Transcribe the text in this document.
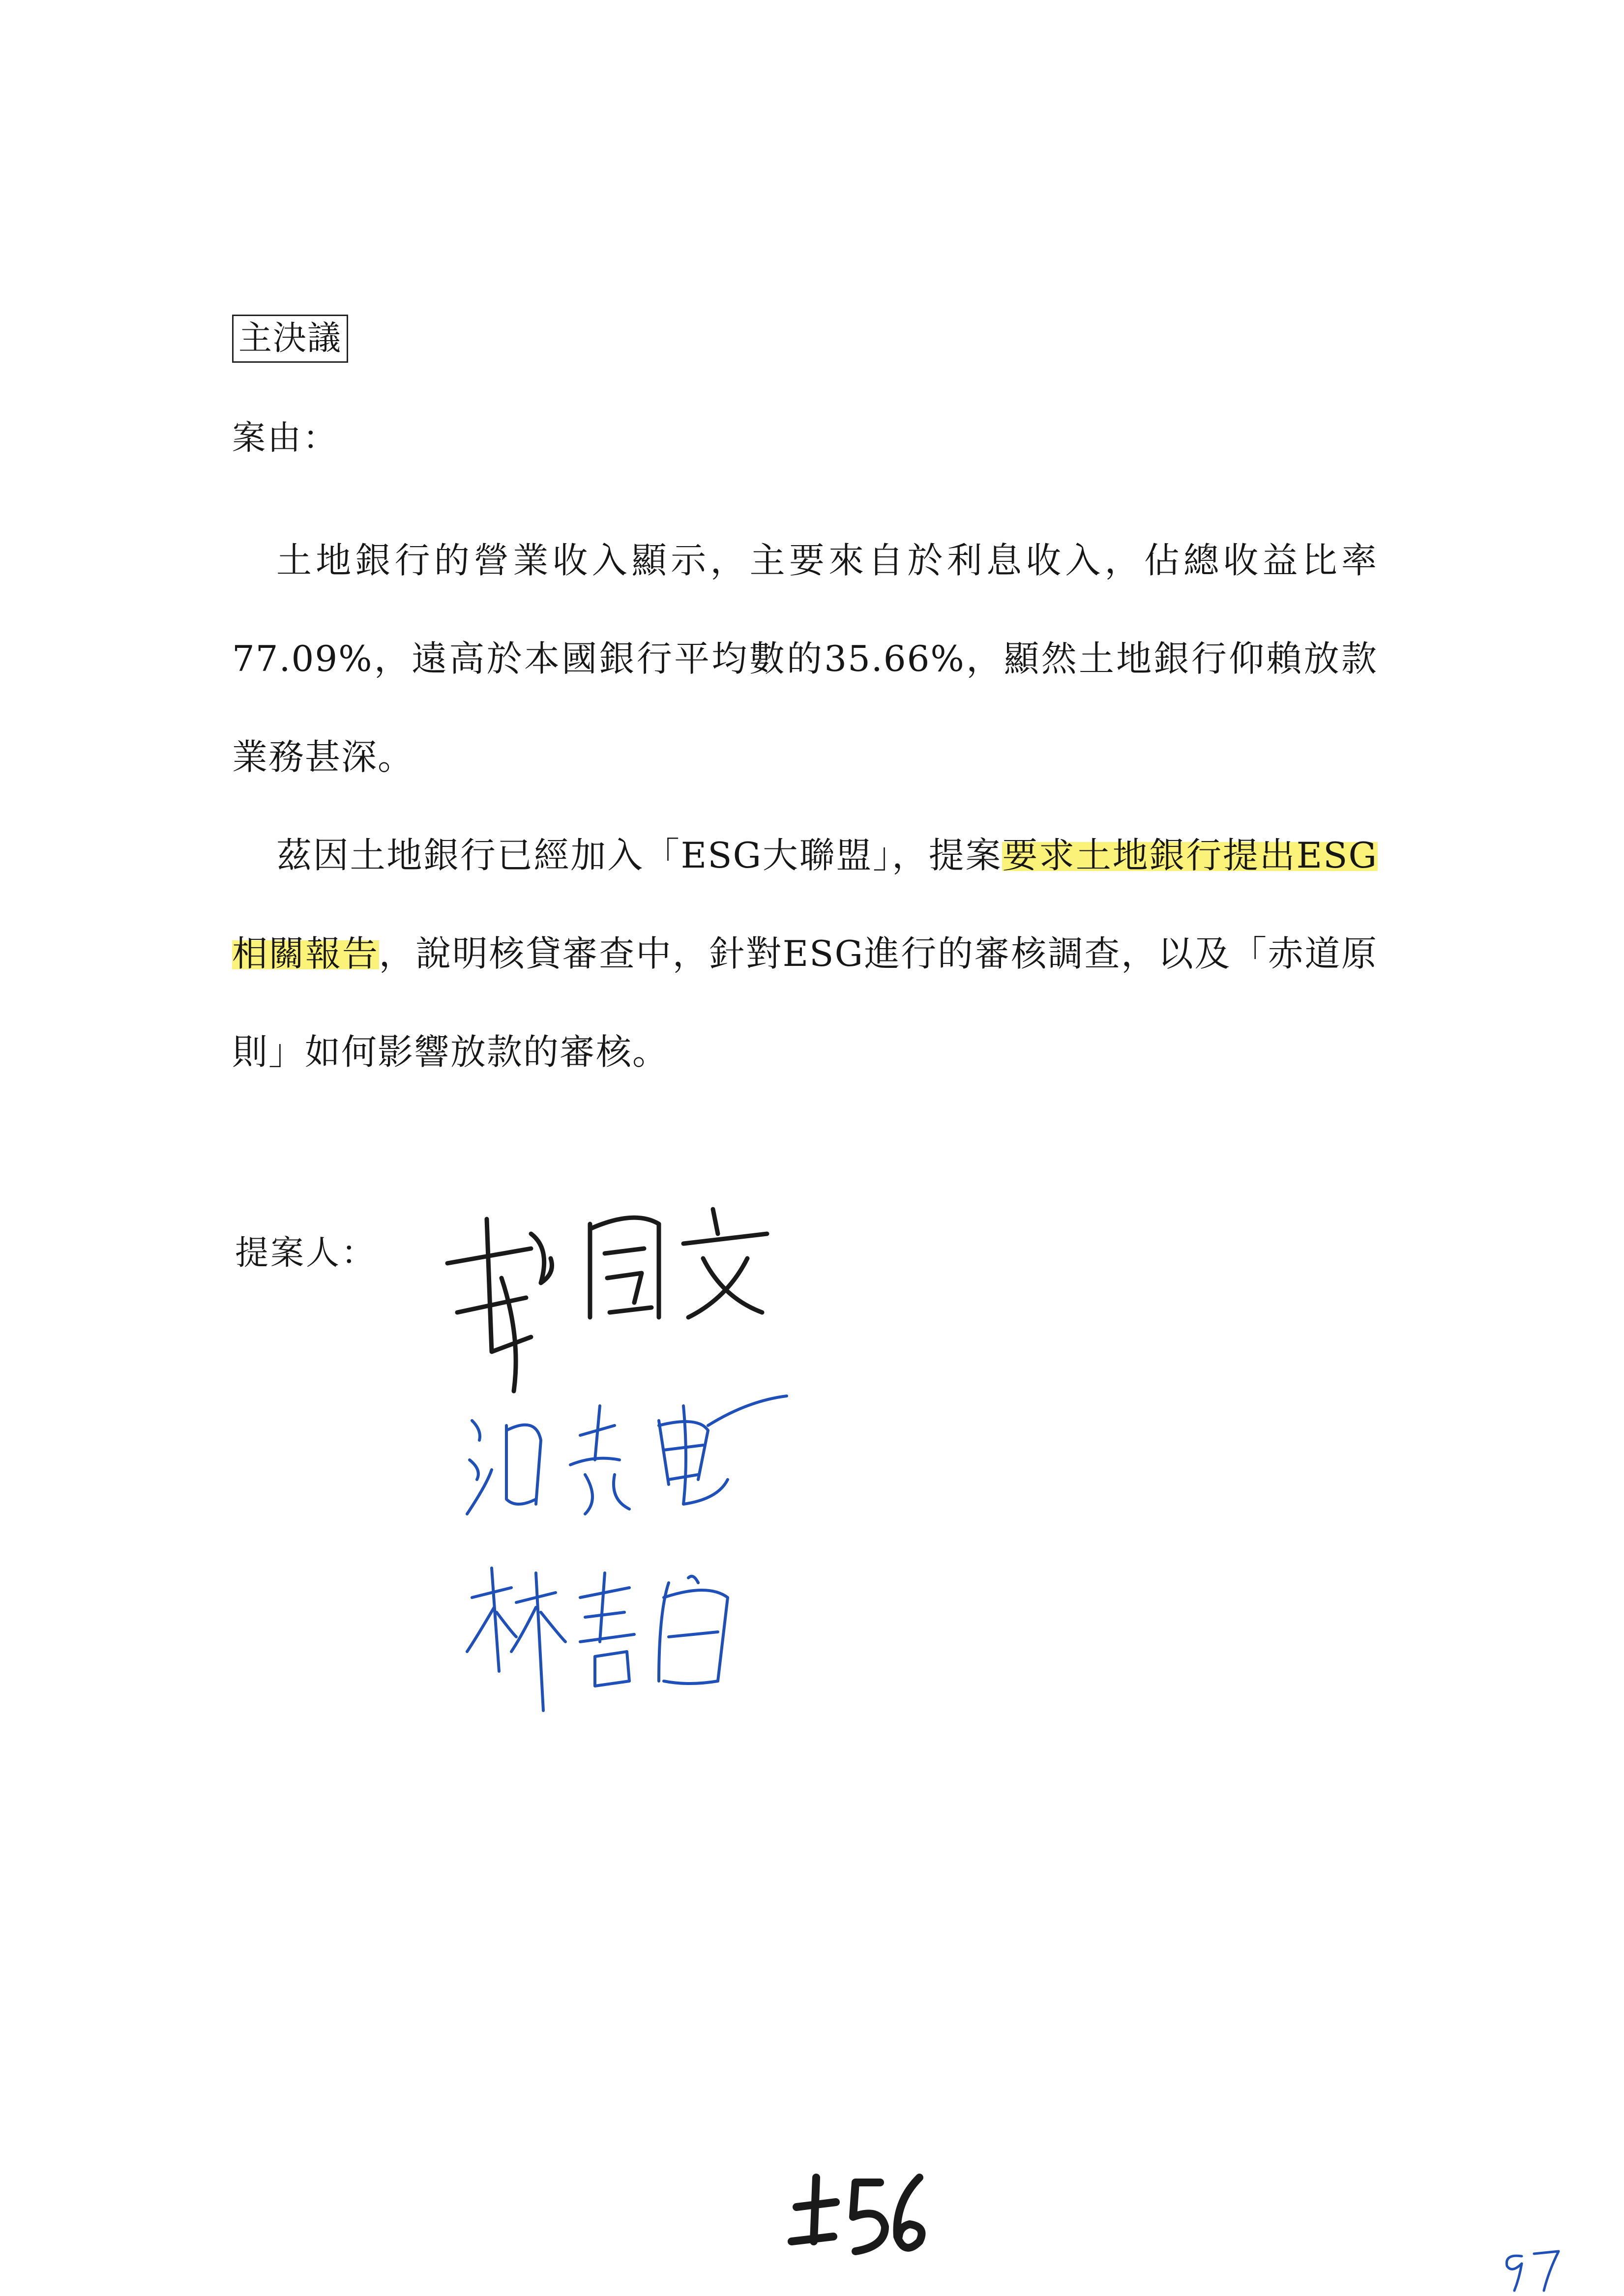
主決議
案由：
土地銀行的營業收入顯示，主要來自於利息收入，佔總收益比率77.09%，遠高於本國銀行平均數的35.66%，顯然土地銀行仰賴放款業務甚深。
茲因土地銀行已經加入「ESG大聯盟」，提案要求土地銀行提出ESG相關報告，說明核貸審查中，針對ESG進行的審核調查，以及「赤道原則」如何影響放款的審核。
提案人：
